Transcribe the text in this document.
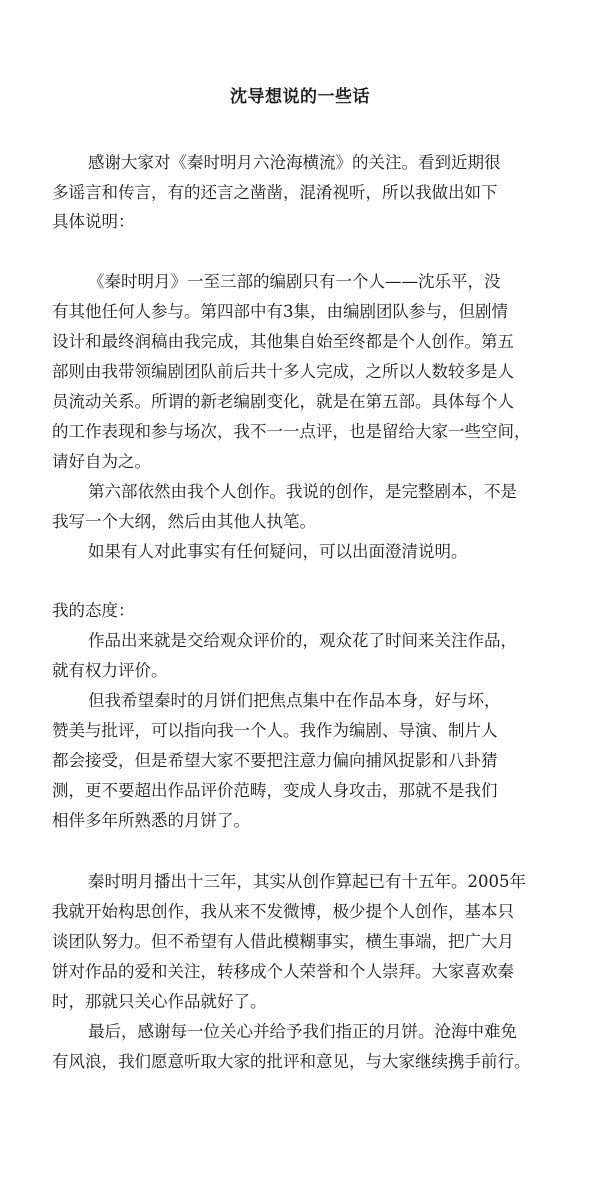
沈导想说的一些话
感谢大家对《秦时明月六沧海横流》的关注。看到近期很
多谣言和传言，有的还言之凿凿，混淆视听，所以我做出如下
具体说明：
《秦时明月》一至三部的编剧只有一个人——沈乐平，没
有其他任何人参与。第四部中有3集，由编剧团队参与，但剧情
设计和最终润稿由我完成，其他集自始至终都是个人创作。第五
部则由我带领编剧团队前后共十多人完成，之所以人数较多是人
员流动关系。所谓的新老编剧变化，就是在第五部。具体每个人
的工作表现和参与场次，我不一一点评，也是留给大家一些空间，
请好自为之。
第六部依然由我个人创作。我说的创作，是完整剧本，不是
我写一个大纲，然后由其他人执笔。
如果有人对此事实有任何疑问，可以出面澄清说明。
我的态度：
作品出来就是交给观众评价的，观众花了时间来关注作品，
就有权力评价。
但我希望秦时的月饼们把焦点集中在作品本身，好与坏，
赞美与批评，可以指向我一个人。我作为编剧、导演、制片人
都会接受，但是希望大家不要把注意力偏向捕风捉影和八卦猜
测，更不要超出作品评价范畴，变成人身攻击，那就不是我们
相伴多年所熟悉的月饼了。
秦时明月播出十三年，其实从创作算起已有十五年。2005年
我就开始构思创作，我从来不发微博，极少提个人创作，基本只
谈团队努力。但不希望有人借此模糊事实，横生事端，把广大月
饼对作品的爱和关注，转移成个人荣誉和个人崇拜。大家喜欢秦
时，那就只关心作品就好了。
最后，感谢每一位关心并给予我们指正的月饼。沧海中难免
有风浪，我们愿意听取大家的批评和意见，与大家继续携手前行。
